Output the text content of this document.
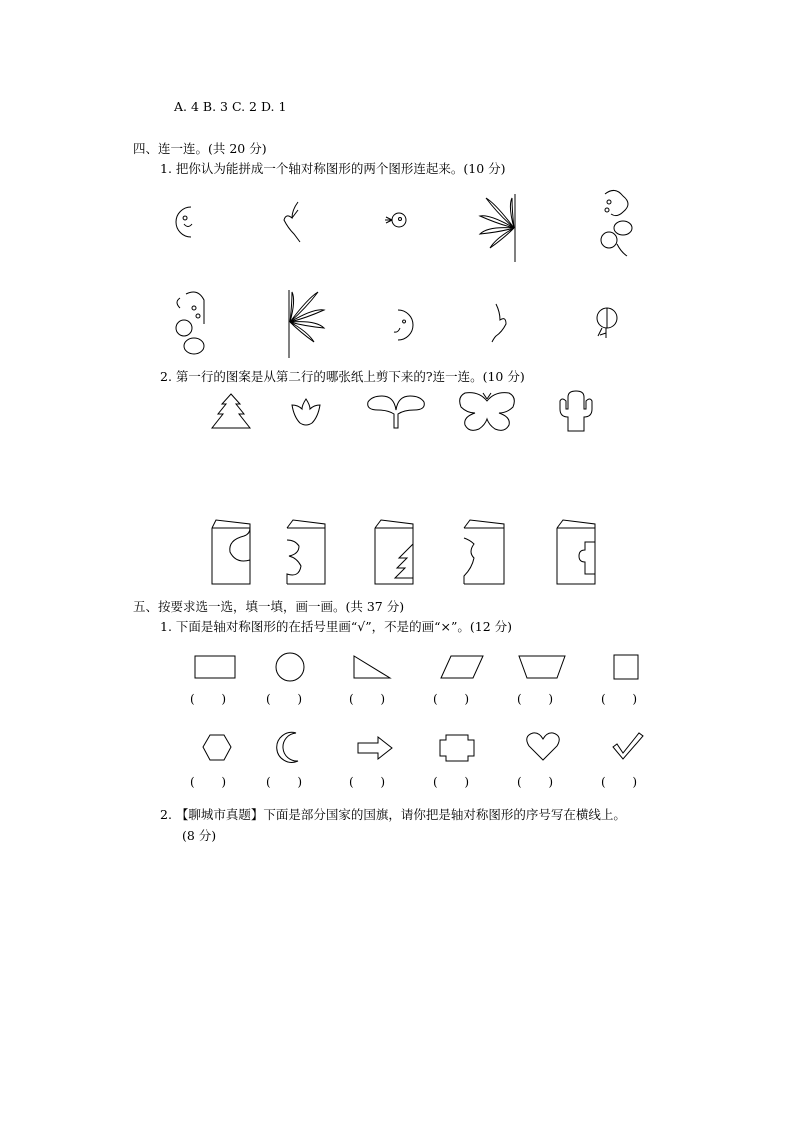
A. 4 B. 3 C. 2 D. 1
四、连一连。(共 20 分)
1. 把你认为能拼成一个轴对称图形的两个图形连起来。(10 分)
2. 第一行的图案是从第二行的哪张纸上剪下来的?连一连。(10 分)
五、按要求选一选，填一填，画一画。(共 37 分)
1. 下面是轴对称图形的在括号里画“√”，不是的画“×”。(12 分)
(       )	(       )	(       )	(       )	(       )	(       )
(       )	(       )	(       )	(       )	(       )	(       )
2. 【聊城市真题】下面是部分国家的国旗，请你把是轴对称图形的序号写在横线上。
(8 分)
